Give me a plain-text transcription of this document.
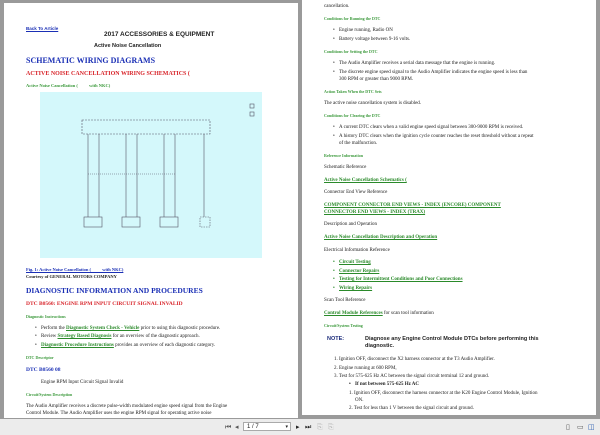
Back To Article
2017 ACCESSORIES & EQUIPMENT
Active Noise Cancellation
SCHEMATIC WIRING DIAGRAMS
ACTIVE NOISE CANCELLATION WIRING SCHEMATICS (
Active Noise Cancellation (          with NKC)
Fig. 1: Active Noise Cancellation (          with NKC)
Courtesy of GENERAL MOTORS COMPANY
DIAGNOSTIC INFORMATION AND PROCEDURES
DTC B0560: ENGINE RPM INPUT CIRCUIT SIGNAL INVALID
Diagnostic Instructions
• Perform the Diagnostic System Check - Vehicle prior to using this diagnostic procedure.
• Review Strategy Based Diagnosis for an overview of the diagnostic approach.
• Diagnostic Procedure Instructions provides an overview of each diagnostic category.
DTC Descriptor
DTC B0560 08
Engine RPM Input Circuit Signal Invalid
Circuit/System Description
The Audio Amplifier receives a discrete pulse-width modulated engine speed signal from the Engine
Control Module. The Audio Amplifier uses the engine RPM signal for operating active noise
cancellation.
Conditions for Running the DTC
• Engine running, Radio ON
• Battery voltage between 9-16 volts.
Conditions for Setting the DTC
• The Audio Amplifier receives a serial data message that the engine is running.
• The discrete engine speed signal to the Audio Amplifier indicates the engine speed is less than
300 RPM or greater than 9000 RPM.
Action Taken When the DTC Sets
The active noise cancellation system is disabled.
Conditions for Clearing the DTC
• A current DTC clears when a valid engine speed signal between 300-9000 RPM is received.
• A history DTC clears when the ignition cycle counter reaches the reset threshold without a repeat
of the malfunction.
Reference Information
Schematic Reference
Active Noise Cancellation Schematics (
Connector End View Reference
COMPONENT CONNECTOR END VIEWS - INDEX (ENCORE) COMPONENT
CONNECTOR END VIEWS - INDEX (TRAX)
Description and Operation
Active Noise Cancellation Description and Operation
Electrical Information Reference
• Circuit Testing
• Connector Repairs
• Testing for Intermittent Conditions and Poor Connections
• Wiring Repairs
Scan Tool Reference
Control Module References for scan tool information
Circuit/System Testing
NOTE:	Diagnose any Engine Control Module DTCs before performing this
diagnostic.
1. Ignition OFF, disconnect the X2 harness connector at the T3 Audio Amplifier.
2. Engine running at 600 RPM,
3. Test for 575-625 Hz AC between the signal circuit terminal 12 and ground.
• If not between 575-625 Hz AC
1. Ignition OFF, disconnect the harness connector at the K20 Engine Control Module, Ignition
ON.
2. Test for less than 1 V between the signal circuit and ground.
⏮ ◂	1 / 7	▾ ▸ ⏭ ⎘ ⎘	▯ ▭ ◫
